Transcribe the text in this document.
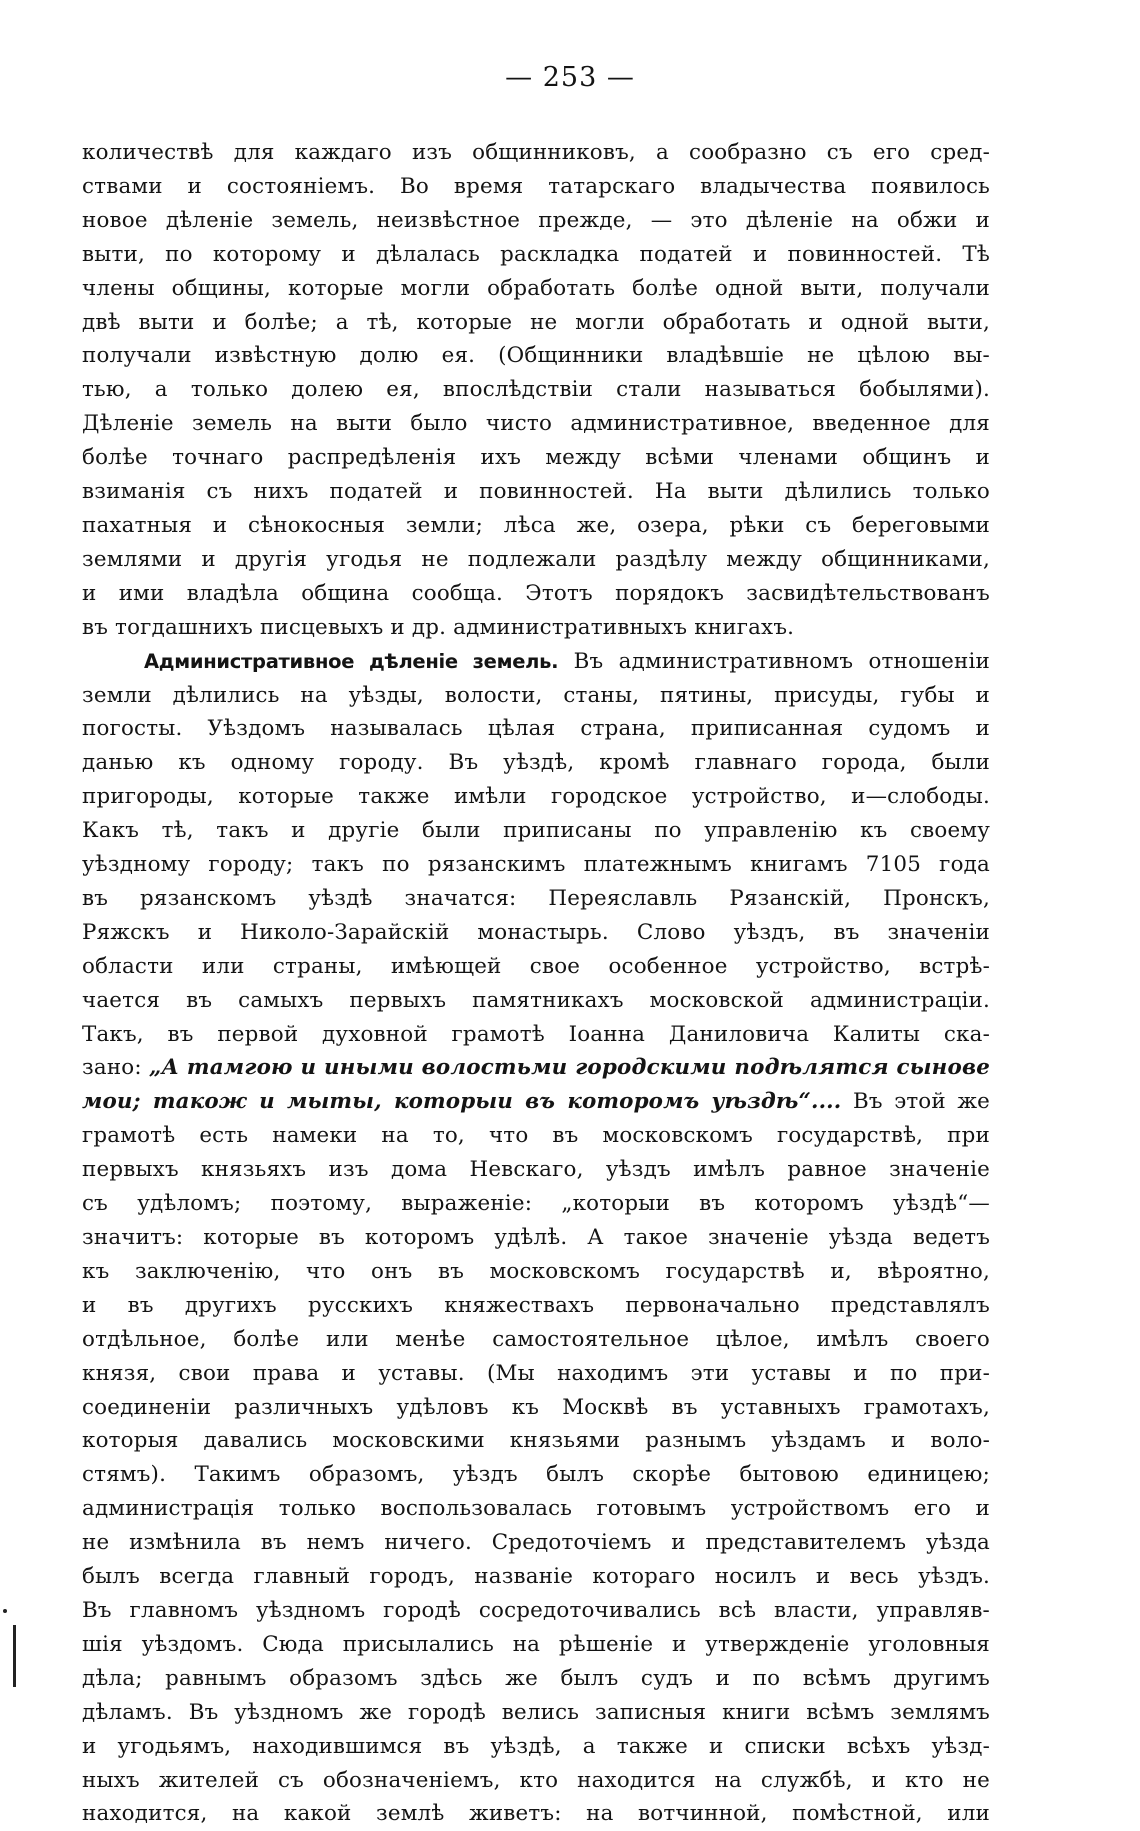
— 253 —

количествѣ для каждаго изъ общинниковъ, а сообразно съ его сред-
ствами и состояніемъ. Во время татарскаго владычества появилось
новое дѣленіе земель, неизвѣстное прежде, — это дѣленіе на обжи и
выти, по которому и дѣлалась раскладка податей и повинностей. Тѣ
члены общины, которые могли обработать болѣе одной выти, получали
двѣ выти и болѣе; а тѣ, которые не могли обработать и одной выти,
получали извѣстную долю ея. (Общинники владѣвшіе не цѣлою вы-
тью, а только долею ея, впослѣдствіи стали называться бобылями).
Дѣленіе земель на выти было чисто административное, введенное для
болѣе точнаго распредѣленія ихъ между всѣми членами общинъ и
взиманія съ нихъ податей и повинностей. На выти дѣлились только
пахатныя и сѣнокосныя земли; лѣса же, озера, рѣки съ береговыми
землями и другія угодья не подлежали раздѣлу между общинниками,
и ими владѣла община сообща. Этотъ порядокъ засвидѣтельствованъ
въ тогдашнихъ писцевыхъ и др. административныхъ книгахъ.

Административное дѣленіе земель. Въ административномъ отношеніи
земли дѣлились на уѣзды, волости, станы, пятины, присуды, губы и
погосты. Уѣздомъ называлась цѣлая страна, приписанная судомъ и
данью къ одному городу. Въ уѣздѣ, кромѣ главнаго города, были
пригороды, которые также имѣли городское устройство, и—слободы.
Какъ тѣ, такъ и другіе были приписаны по управленію къ своему
уѣздному городу; такъ по рязанскимъ платежнымъ книгамъ 7105 года
въ рязанскомъ уѣздѣ значатся: Переяславль Рязанскій, Пронскъ,
Ряжскъ и Николо-Зарайскій монастырь. Слово уѣздъ, въ значеніи
области или страны, имѣющей свое особенное устройство, встрѣ-
чается въ самыхъ первыхъ памятникахъ московской администраціи.
Такъ, въ первой духовной грамотѣ Іоанна Даниловича Калиты ска-
зано: „А тамгою и иными волостьми городскими подѣлятся сынове
мои; також и мыты, которыи въ которомъ уѣздѣ“.... Въ этой же
грамотѣ есть намеки на то, что въ московскомъ государствѣ, при
первыхъ князьяхъ изъ дома Невскаго, уѣздъ имѣлъ равное значеніе
съ удѣломъ; поэтому, выраженіе: „которыи въ которомъ уѣздѣ“—
значитъ: которые въ которомъ удѣлѣ. А такое значеніе уѣзда ведетъ
къ заключенію, что онъ въ московскомъ государствѣ и, вѣроятно,
и въ другихъ русскихъ княжествахъ первоначально представлялъ
отдѣльное, болѣе или менѣе самостоятельное цѣлое, имѣлъ своего
князя, свои права и уставы. (Мы находимъ эти уставы и по при-
соединеніи различныхъ удѣловъ къ Москвѣ въ уставныхъ грамотахъ,
которыя давались московскими князьями разнымъ уѣздамъ и воло-
стямъ). Такимъ образомъ, уѣздъ былъ скорѣе бытовою единицею;
администрація только воспользовалась готовымъ устройствомъ его и
не измѣнила въ немъ ничего. Средоточіемъ и представителемъ уѣзда
былъ всегда главный городъ, названіе котораго носилъ и весь уѣздъ.
Въ главномъ уѣздномъ городѣ сосредоточивались всѣ власти, управляв-
шія уѣздомъ. Сюда присылались на рѣшеніе и утвержденіе уголовныя
дѣла; равнымъ образомъ здѣсь же былъ судъ и по всѣмъ другимъ
дѣламъ. Въ уѣздномъ же городѣ велись записныя книги всѣмъ землямъ
и угодьямъ, находившимся въ уѣздѣ, а также и списки всѣхъ уѣзд-
ныхъ жителей съ обозначеніемъ, кто находится на службѣ, и кто не
находится, на какой землѣ живетъ: на вотчинной, помѣстной, или
